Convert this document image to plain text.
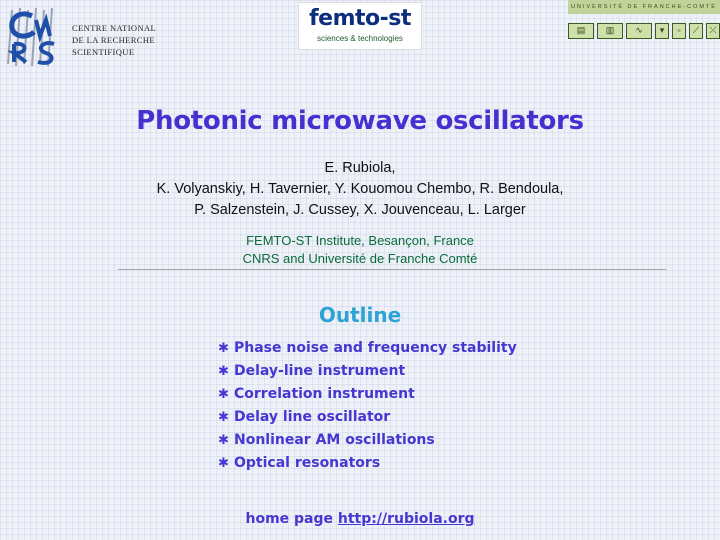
CENTRE NATIONAL
DE LA RECHERCHE
SCIENTIFIQUE
femto-st
sciences & technologies
UNIVERSITÉ DE FRANCHE-COMTÉ
▤	▥	∿	▾	▫	⟋	⤫
Photonic microwave oscillators
E. Rubiola,
K. Volyanskiy, H. Tavernier, Y. Kouomou Chembo, R. Bendoula,
P. Salzenstein, J. Cussey, X. Jouvenceau, L. Larger
FEMTO-ST Institute, Besançon, France
CNRS and Université de Franche Comté
Outline
✱ Phase noise and frequency stability
✱ Delay-line instrument
✱ Correlation instrument
✱ Delay line oscillator
✱ Nonlinear AM oscillations
✱ Optical resonators
home page http://rubiola.org
